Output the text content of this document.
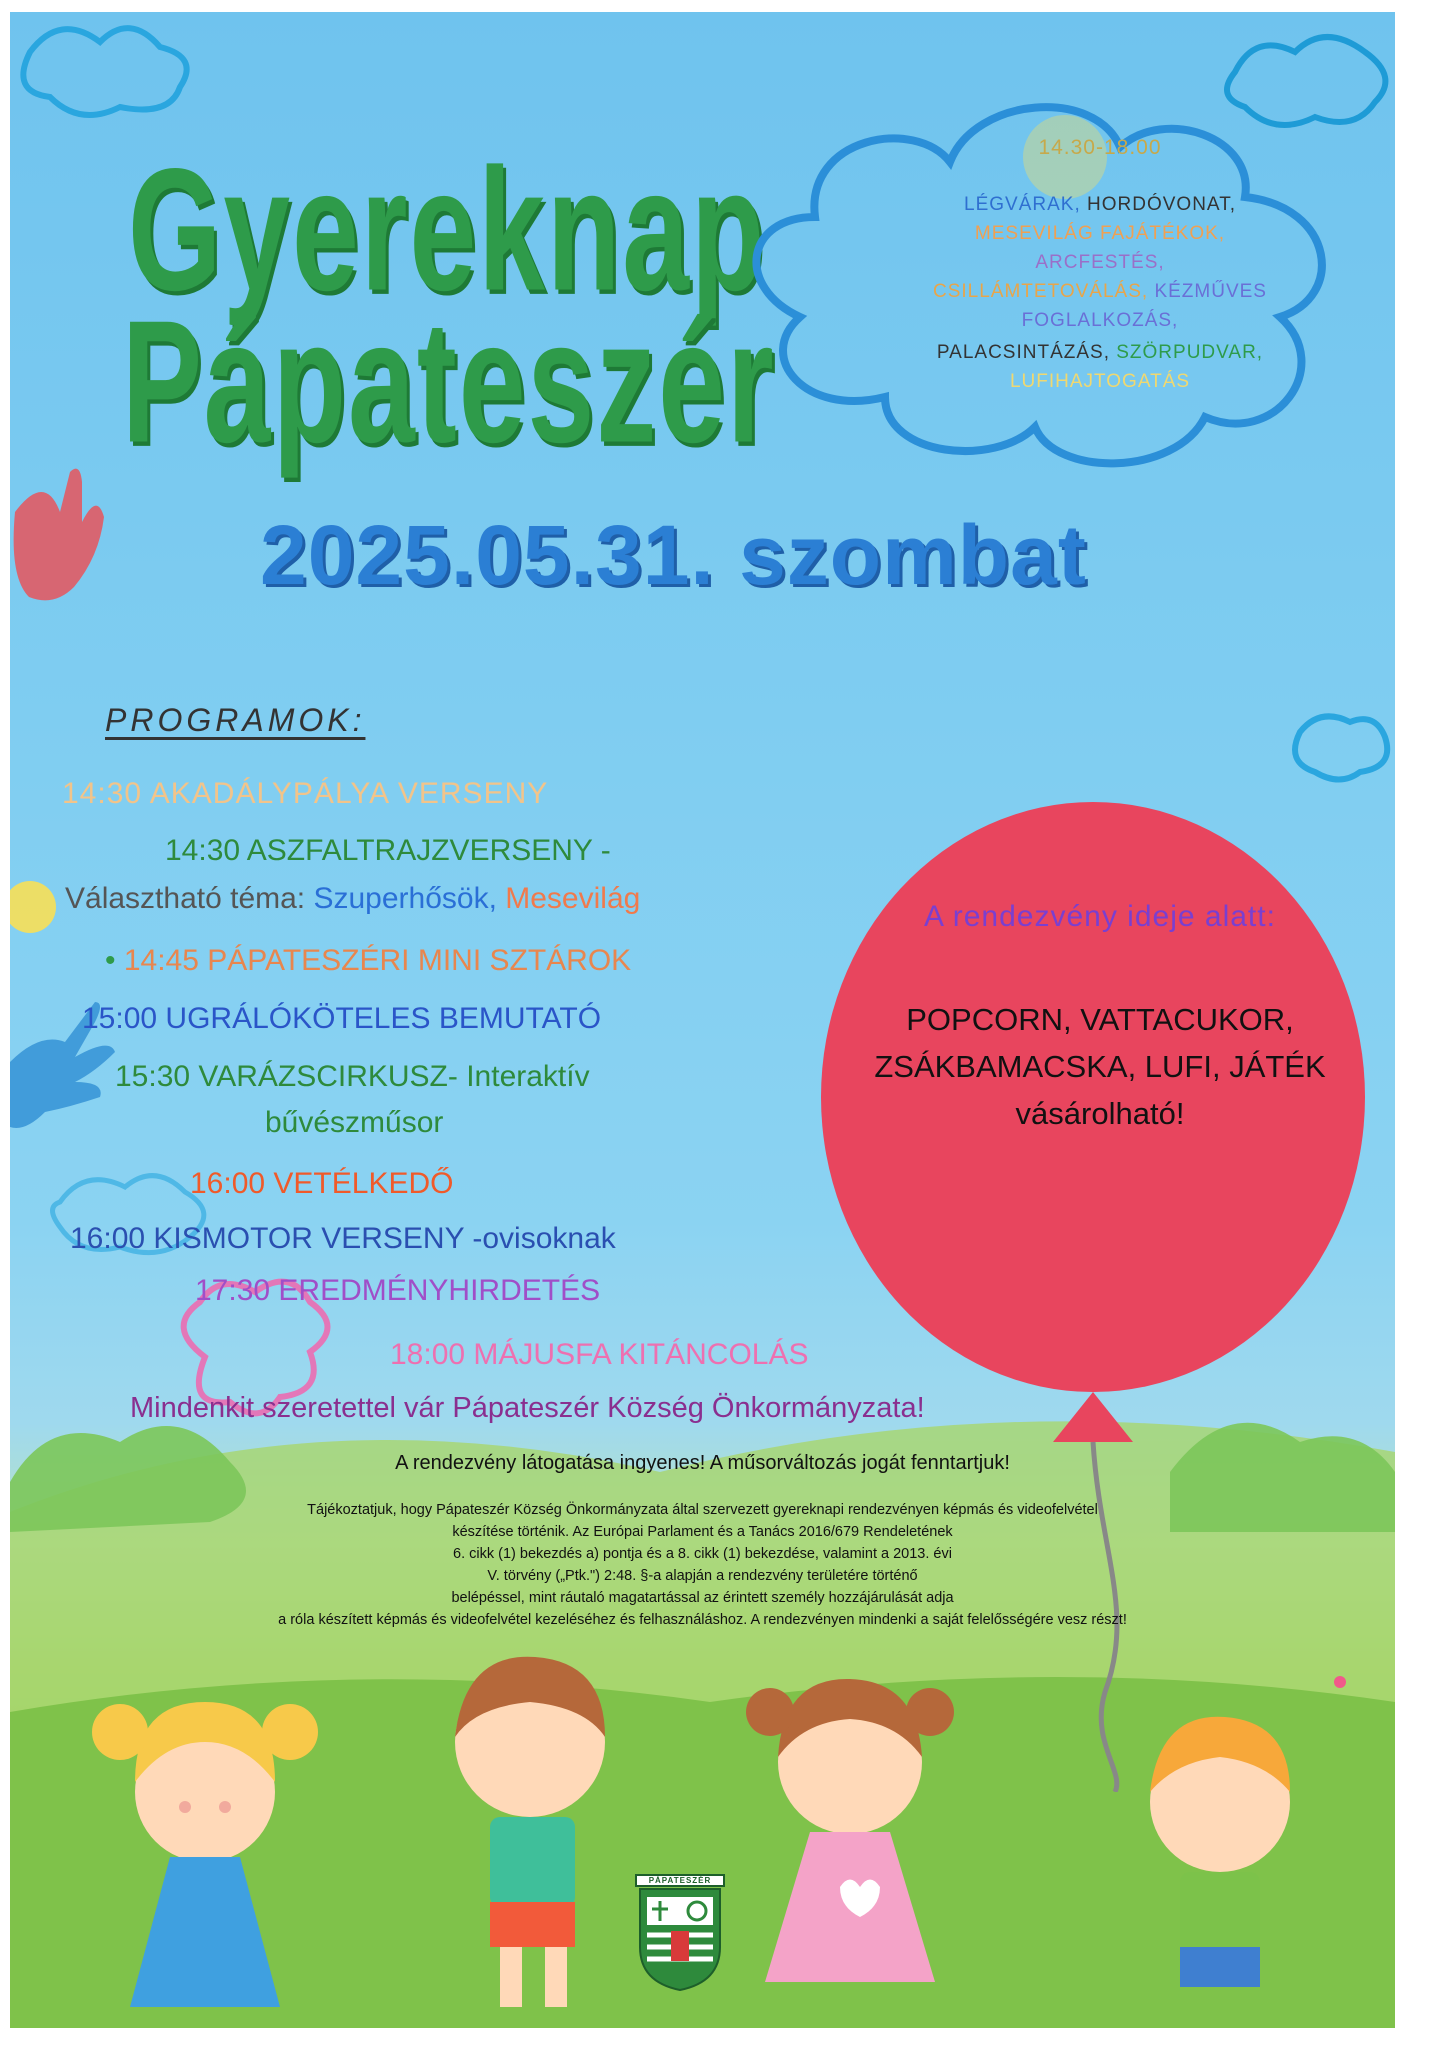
Gyereknap
Pápateszér
14.30-18.00
LÉGVÁRAK, HORDÓVONAT,
MESEVILÁG FAJÁTÉKOK,
ARCFESTÉS,
CSILLÁMTETOVÁLÁS, KÉZMŰVES
FOGLALKOZÁS,
PALACSINTÁZÁS, SZÖRPUDVAR,
LUFIHAJTOGATÁS
2025.05.31. szombat
PROGRAMOK:
14:30 AKADÁLYPÁLYA VERSENY
14:30 ASZFALTRAJZVERSENY -
Választható téma: Szuperhősök, Mesevilág
• 14:45 PÁPATESZÉRI MINI SZTÁROK
15:00 UGRÁLÓKÖTELES BEMUTATÓ
15:30 VARÁZSCIRKUSZ- Interaktív
bűvészműsor
16:00 VETÉLKEDŐ
16:00 KISMOTOR VERSENY -ovisoknak
17:30 EREDMÉNYHIRDETÉS
18:00 MÁJUSFA KITÁNCOLÁS
A rendezvény ideje alatt:
POPCORN, VATTACUKOR,
ZSÁKBAMACSKA, LUFI, JÁTÉK
vásárolható!
Mindenkit szeretettel vár Pápateszér Község Önkormányzata!
A rendezvény látogatása ingyenes! A műsorváltozás jogát fenntartjuk!
Tájékoztatjuk, hogy Pápateszér Község Önkormányzata által szervezett gyereknapi rendezvényen képmás és videofelvétel
készítése történik. Az Európai Parlament és a Tanács 2016/679 Rendeletének
6. cikk (1) bekezdés a) pontja és a 8. cikk (1) bekezdése, valamint a 2013. évi
V. törvény („Ptk.") 2:48. §-a alapján a rendezvény területére történő
belépéssel, mint ráutaló magatartással az érintett személy hozzájárulását adja
a róla készített képmás és videofelvétel kezeléséhez és felhasználáshoz. A rendezvényen mindenki a saját felelősségére vesz részt!
PÁPATESZÉR
